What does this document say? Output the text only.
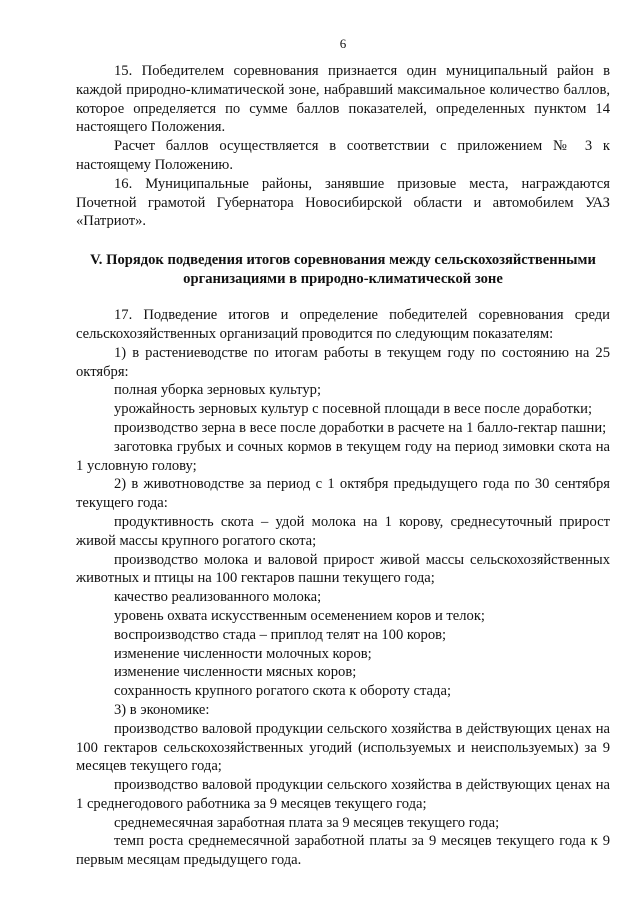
6

15. Победителем соревнования признается один муниципальный район в каждой природно-климатической зоне, набравший максимальное количество баллов, которое определяется по сумме баллов показателей, определенных пунктом 14 настоящего Положения.

Расчет баллов осуществляется в соответствии с приложением № 3 к настоящему Положению.

16. Муниципальные районы, занявшие призовые места, награждаются Почетной грамотой Губернатора Новосибирской области и автомобилем УАЗ «Патриот».

V. Порядок подведения итогов соревнования между сельскохозяйственными
организациями в природно-климатической зоне

17. Подведение итогов и определение победителей соревнования среди сельскохозяйственных организаций проводится по следующим показателям:

1) в растениеводстве по итогам работы в текущем году по состоянию на 25 октября:

полная уборка зерновых культур;

урожайность зерновых культур с посевной площади в весе после доработки;

производство зерна в весе после доработки в расчете на 1 балло-гектар пашни;

заготовка грубых и сочных кормов в текущем году на период зимовки скота на 1 условную голову;

2) в животноводстве за период с 1 октября предыдущего года по 30 сентября текущего года:

продуктивность скота – удой молока на 1 корову, среднесуточный прирост живой массы крупного рогатого скота;

производство молока и валовой прирост живой массы сельскохозяйственных животных и птицы на 100 гектаров пашни текущего года;

качество реализованного молока;

уровень охвата искусственным осеменением коров и телок;

воспроизводство стада – приплод телят на 100 коров;

изменение численности молочных коров;

изменение численности мясных коров;

сохранность крупного рогатого скота к обороту стада;

3) в экономике:

производство валовой продукции сельского хозяйства в действующих ценах на 100 гектаров сельскохозяйственных угодий (используемых и неиспользуемых) за 9 месяцев текущего года;

производство валовой продукции сельского хозяйства в действующих ценах на 1 среднегодового работника за 9 месяцев текущего года;

среднемесячная заработная плата за 9 месяцев текущего года;

темп роста среднемесячной заработной платы за 9 месяцев текущего года к 9 первым месяцам предыдущего года.
